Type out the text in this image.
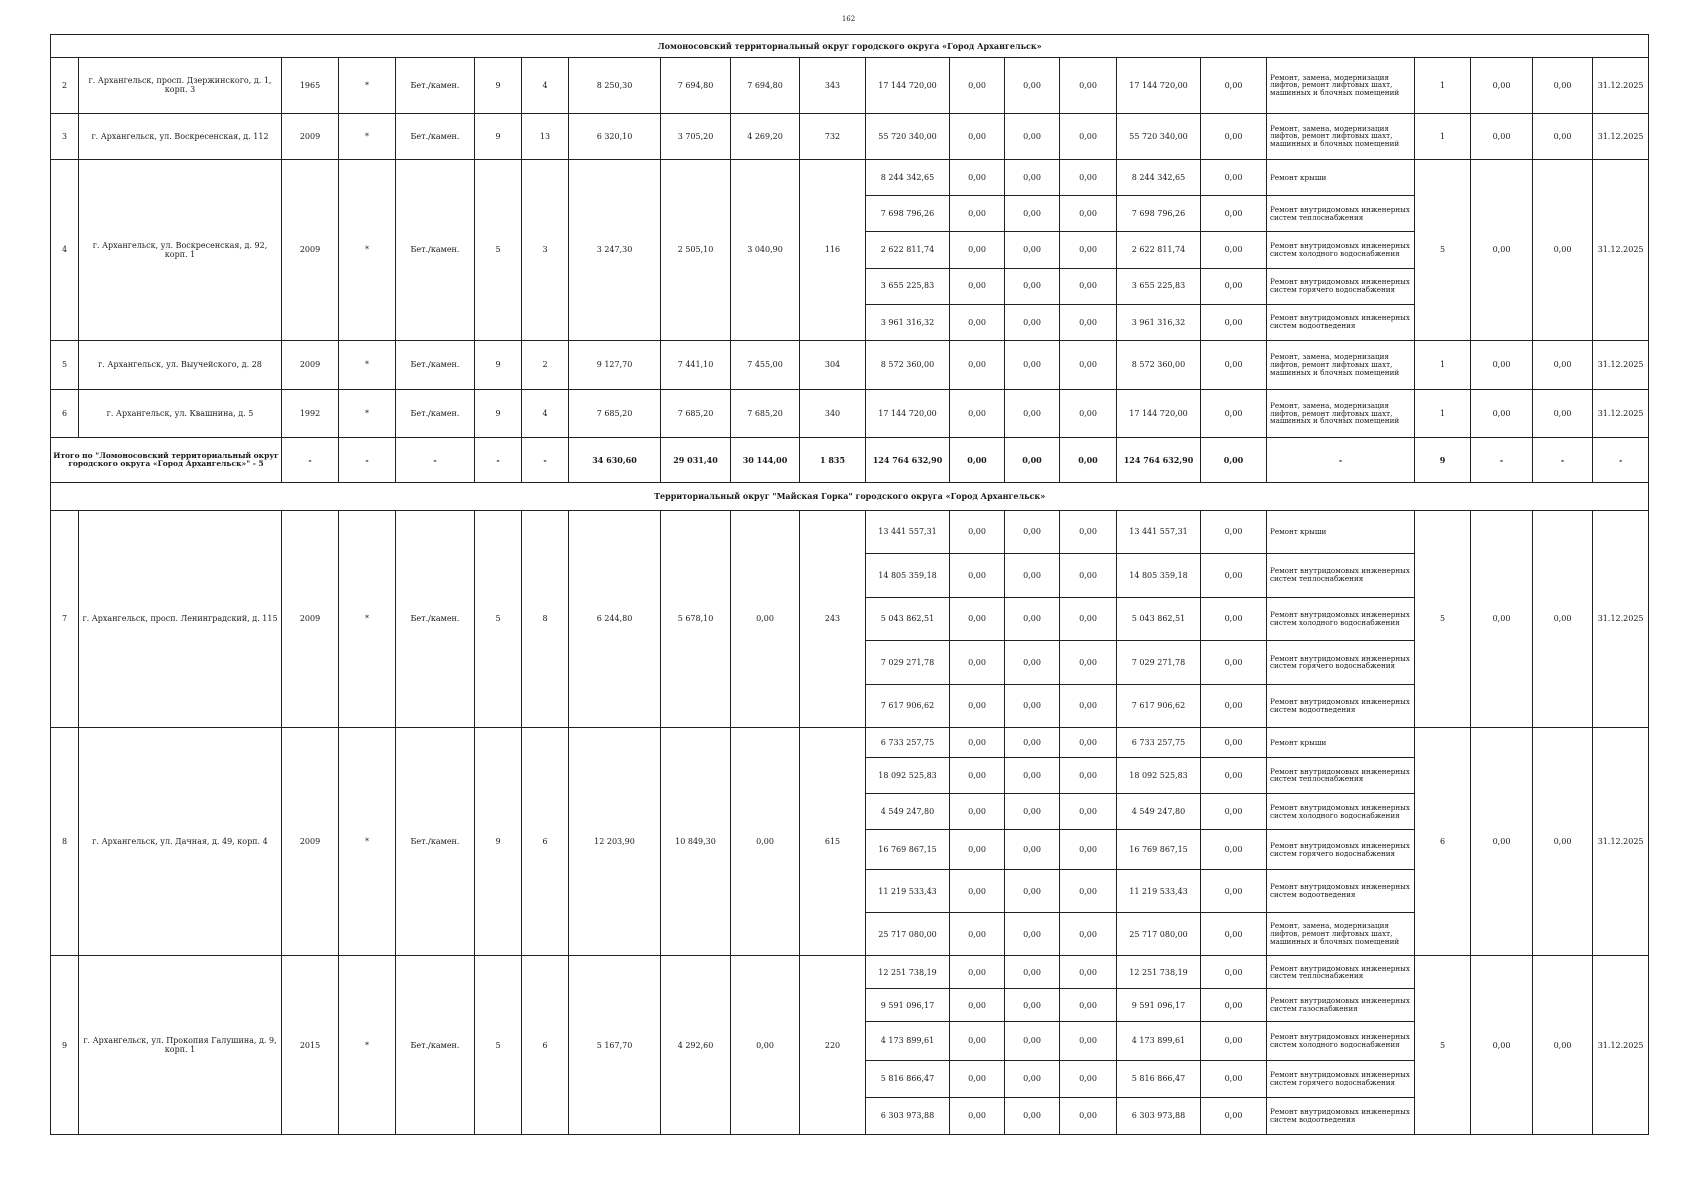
162
Ломоносовский территориальный округ городского округа «Город Архангельск»																					
2	г. Архангельск, просп. Дзержинского, д. 1, корп. 3	1965	*	Бет./камен.	9	4	8 250,30	7 694,80	7 694,80	343	17 144 720,00	0,00	0,00	0,00	17 144 720,00	0,00	Ремонт, замена, модернизация лифтов, ремонт лифтовых шахт, машинных и блочных помещений	1	0,00	0,00	31.12.2025
3	г. Архангельск, ул. Воскресенская, д. 112	2009	*	Бет./камен.	9	13	6 320,10	3 705,20	4 269,20	732	55 720 340,00	0,00	0,00	0,00	55 720 340,00	0,00	Ремонт, замена, модернизация лифтов, ремонт лифтовых шахт, машинных и блочных помещений	1	0,00	0,00	31.12.2025
4	г. Архангельск, ул. Воскресенская, д. 92, корп. 1	2009	*	Бет./камен.	5	3	3 247,30	2 505,10	3 040,90	116	8 244 342,65	0,00	0,00	0,00	8 244 342,65	0,00	Ремонт крыши	5	0,00	0,00	31.12.2025
											7 698 796,26	0,00	0,00	0,00	7 698 796,26	0,00	Ремонт внутридомовых инженерных систем теплоснабжения				
											2 622 811,74	0,00	0,00	0,00	2 622 811,74	0,00	Ремонт внутридомовых инженерных систем холодного водоснабжения				
											3 655 225,83	0,00	0,00	0,00	3 655 225,83	0,00	Ремонт внутридомовых инженерных систем горячего водоснабжения				
											3 961 316,32	0,00	0,00	0,00	3 961 316,32	0,00	Ремонт внутридомовых инженерных систем водоотведения				
5	г. Архангельск, ул. Выучейского, д. 28	2009	*	Бет./камен.	9	2	9 127,70	7 441,10	7 455,00	304	8 572 360,00	0,00	0,00	0,00	8 572 360,00	0,00	Ремонт, замена, модернизация лифтов, ремонт лифтовых шахт, машинных и блочных помещений	1	0,00	0,00	31.12.2025
6	г. Архангельск, ул. Квашнина, д. 5	1992	*	Бет./камен.	9	4	7 685,20	7 685,20	7 685,20	340	17 144 720,00	0,00	0,00	0,00	17 144 720,00	0,00	Ремонт, замена, модернизация лифтов, ремонт лифтовых шахт, машинных и блочных помещений	1	0,00	0,00	31.12.2025
Итого по "Ломоносовский территориальный округ городского округа «Город Архангельск»" - 5		-	-	-	-	-	34 630,60	29 031,40	30 144,00	1 835	124 764 632,90	0,00	0,00	0,00	124 764 632,90	0,00	-	9	-	-	-
Территориальный округ "Майская Горка" городского округа «Город Архангельск»																					
7	г. Архангельск, просп. Ленинградский, д. 115	2009	*	Бет./камен.	5	8	6 244,80	5 678,10	0,00	243	13 441 557,31	0,00	0,00	0,00	13 441 557,31	0,00	Ремонт крыши	5	0,00	0,00	31.12.2025
											14 805 359,18	0,00	0,00	0,00	14 805 359,18	0,00	Ремонт внутридомовых инженерных систем теплоснабжения				
											5 043 862,51	0,00	0,00	0,00	5 043 862,51	0,00	Ремонт внутридомовых инженерных систем холодного водоснабжения				
											7 029 271,78	0,00	0,00	0,00	7 029 271,78	0,00	Ремонт внутридомовых инженерных систем горячего водоснабжения				
											7 617 906,62	0,00	0,00	0,00	7 617 906,62	0,00	Ремонт внутридомовых инженерных систем водоотведения				
8	г. Архангельск, ул. Дачная, д. 49, корп. 4	2009	*	Бет./камен.	9	6	12 203,90	10 849,30	0,00	615	6 733 257,75	0,00	0,00	0,00	6 733 257,75	0,00	Ремонт крыши	6	0,00	0,00	31.12.2025
											18 092 525,83	0,00	0,00	0,00	18 092 525,83	0,00	Ремонт внутридомовых инженерных систем теплоснабжения				
											4 549 247,80	0,00	0,00	0,00	4 549 247,80	0,00	Ремонт внутридомовых инженерных систем холодного водоснабжения				
											16 769 867,15	0,00	0,00	0,00	16 769 867,15	0,00	Ремонт внутридомовых инженерных систем горячего водоснабжения				
											11 219 533,43	0,00	0,00	0,00	11 219 533,43	0,00	Ремонт внутридомовых инженерных систем водоотведения				
											25 717 080,00	0,00	0,00	0,00	25 717 080,00	0,00	Ремонт, замена, модернизация лифтов, ремонт лифтовых шахт, машинных и блочных помещений				
9	г. Архангельск, ул. Прокопия Галушина, д. 9, корп. 1	2015	*	Бет./камен.	5	6	5 167,70	4 292,60	0,00	220	12 251 738,19	0,00	0,00	0,00	12 251 738,19	0,00	Ремонт внутридомовых инженерных систем теплоснабжения	5	0,00	0,00	31.12.2025
											9 591 096,17	0,00	0,00	0,00	9 591 096,17	0,00	Ремонт внутридомовых инженерных систем газоснабжения				
											4 173 899,61	0,00	0,00	0,00	4 173 899,61	0,00	Ремонт внутридомовых инженерных систем холодного водоснабжения				
											5 816 866,47	0,00	0,00	0,00	5 816 866,47	0,00	Ремонт внутридомовых инженерных систем горячего водоснабжения				
											6 303 973,88	0,00	0,00	0,00	6 303 973,88	0,00	Ремонт внутридомовых инженерных систем водоотведения				
